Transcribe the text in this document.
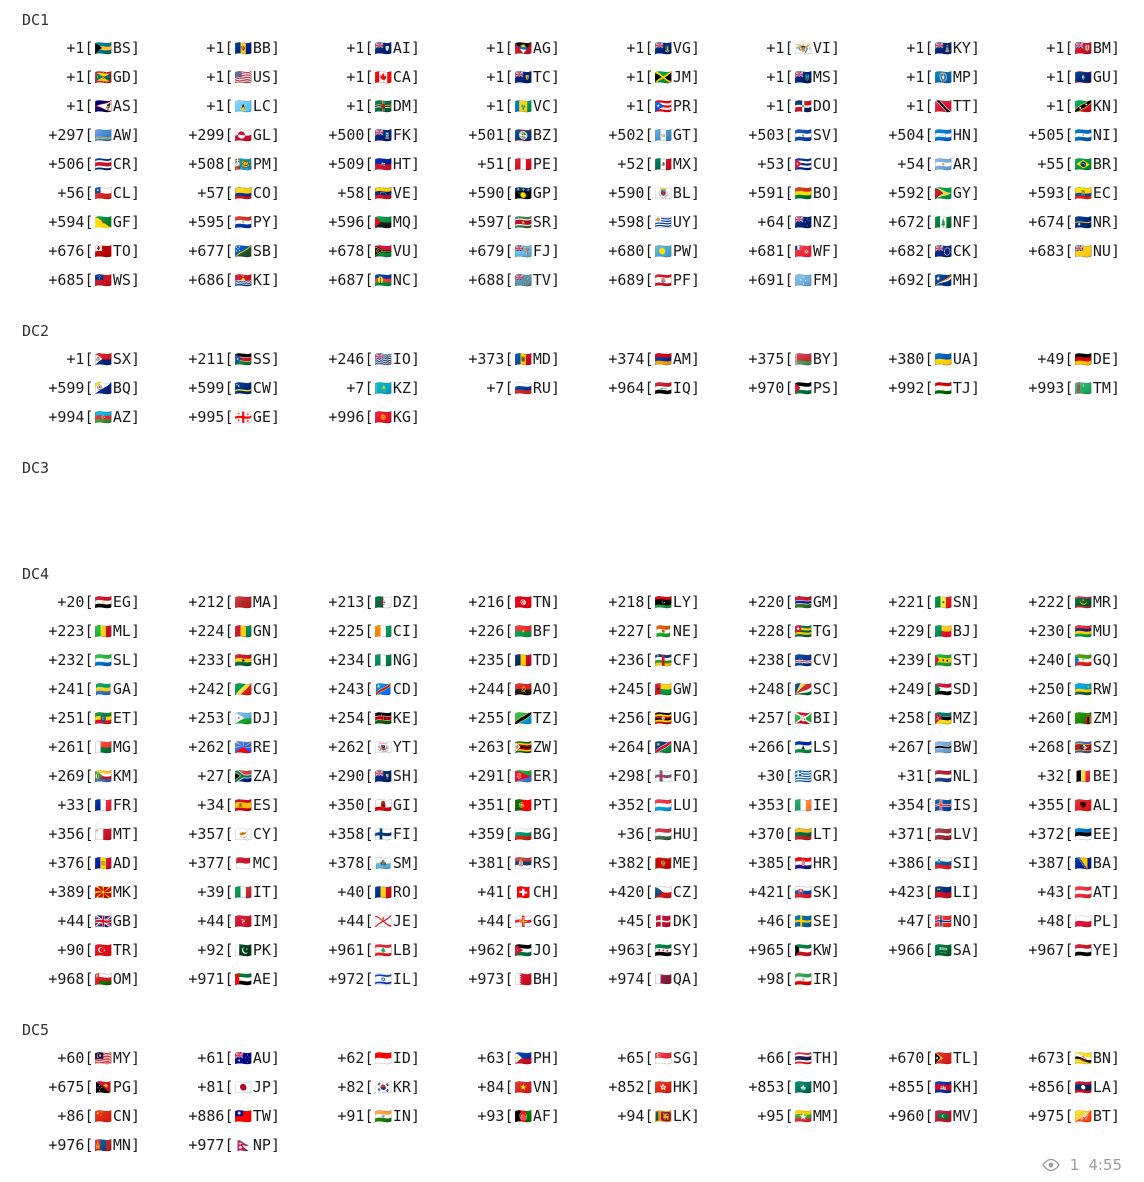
DC1
+1[🇧🇸BS]	+1[🇧🇧BB]	+1[🇦🇮AI]	+1[🇦🇬AG]	+1[🇻🇬VG]	+1[🇻🇮VI]	+1[🇰🇾KY]	+1[🇧🇲BM]
+1[🇬🇩GD]	+1[🇺🇸US]	+1[🇨🇦CA]	+1[🇹🇨TC]	+1[🇯🇲JM]	+1[🇲🇸MS]	+1[🇲🇵MP]	+1[🇬🇺GU]
+1[🇦🇸AS]	+1[🇱🇨LC]	+1[🇩🇲DM]	+1[🇻🇨VC]	+1[🇵🇷PR]	+1[🇩🇴DO]	+1[🇹🇹TT]	+1[🇰🇳KN]
+297[🇦🇼AW]	+299[🇬🇱GL]	+500[🇫🇰FK]	+501[🇧🇿BZ]	+502[🇬🇹GT]	+503[🇸🇻SV]	+504[🇭🇳HN]	+505[🇳🇮NI]
+506[🇨🇷CR]	+508[🇵🇲PM]	+509[🇭🇹HT]	+51[🇵🇪PE]	+52[🇲🇽MX]	+53[🇨🇺CU]	+54[🇦🇷AR]	+55[🇧🇷BR]
+56[🇨🇱CL]	+57[🇨🇴CO]	+58[🇻🇪VE]	+590[🇬🇵GP]	+590[🇧🇱BL]	+591[🇧🇴BO]	+592[🇬🇾GY]	+593[🇪🇨EC]
+594[🇬🇫GF]	+595[🇵🇾PY]	+596[🇲🇶MQ]	+597[🇸🇷SR]	+598[🇺🇾UY]	+64[🇳🇿NZ]	+672[🇳🇫NF]	+674[🇳🇷NR]
+676[🇹🇴TO]	+677[🇸🇧SB]	+678[🇻🇺VU]	+679[🇫🇯FJ]	+680[🇵🇼PW]	+681[🇼🇫WF]	+682[🇨🇰CK]	+683[🇳🇺NU]
+685[🇼🇸WS]	+686[🇰🇮KI]	+687[🇳🇨NC]	+688[🇹🇻TV]	+689[🇵🇫PF]	+691[🇫🇲FM]	+692[🇲🇭MH]
DC2
+1[🇸🇽SX]	+211[🇸🇸SS]	+246[🇮🇴IO]	+373[🇲🇩MD]	+374[🇦🇲AM]	+375[🇧🇾BY]	+380[🇺🇦UA]	+49[🇩🇪DE]
+599[🇧🇶BQ]	+599[🇨🇼CW]	+7[🇰🇿KZ]	+7[🇷🇺RU]	+964[🇮🇶IQ]	+970[🇵🇸PS]	+992[🇹🇯TJ]	+993[🇹🇲TM]
+994[🇦🇿AZ]	+995[🇬🇪GE]	+996[🇰🇬KG]
DC3
DC4
+20[🇪🇬EG]	+212[🇲🇦MA]	+213[🇩🇿DZ]	+216[🇹🇳TN]	+218[🇱🇾LY]	+220[🇬🇲GM]	+221[🇸🇳SN]	+222[🇲🇷MR]
+223[🇲🇱ML]	+224[🇬🇳GN]	+225[🇨🇮CI]	+226[🇧🇫BF]	+227[🇳🇪NE]	+228[🇹🇬TG]	+229[🇧🇯BJ]	+230[🇲🇺MU]
+232[🇸🇱SL]	+233[🇬🇭GH]	+234[🇳🇬NG]	+235[🇹🇩TD]	+236[🇨🇫CF]	+238[🇨🇻CV]	+239[🇸🇹ST]	+240[🇬🇶GQ]
+241[🇬🇦GA]	+242[🇨🇬CG]	+243[🇨🇩CD]	+244[🇦🇴AO]	+245[🇬🇼GW]	+248[🇸🇨SC]	+249[🇸🇩SD]	+250[🇷🇼RW]
+251[🇪🇹ET]	+253[🇩🇯DJ]	+254[🇰🇪KE]	+255[🇹🇿TZ]	+256[🇺🇬UG]	+257[🇧🇮BI]	+258[🇲🇿MZ]	+260[🇿🇲ZM]
+261[🇲🇬MG]	+262[🇷🇪RE]	+262[🇾🇹YT]	+263[🇿🇼ZW]	+264[🇳🇦NA]	+266[🇱🇸LS]	+267[🇧🇼BW]	+268[🇸🇿SZ]
+269[🇰🇲KM]	+27[🇿🇦ZA]	+290[🇸🇭SH]	+291[🇪🇷ER]	+298[🇫🇴FO]	+30[🇬🇷GR]	+31[🇳🇱NL]	+32[🇧🇪BE]
+33[🇫🇷FR]	+34[🇪🇸ES]	+350[🇬🇮GI]	+351[🇵🇹PT]	+352[🇱🇺LU]	+353[🇮🇪IE]	+354[🇮🇸IS]	+355[🇦🇱AL]
+356[🇲🇹MT]	+357[🇨🇾CY]	+358[🇫🇮FI]	+359[🇧🇬BG]	+36[🇭🇺HU]	+370[🇱🇹LT]	+371[🇱🇻LV]	+372[🇪🇪EE]
+376[🇦🇩AD]	+377[🇲🇨MC]	+378[🇸🇲SM]	+381[🇷🇸RS]	+382[🇲🇪ME]	+385[🇭🇷HR]	+386[🇸🇮SI]	+387[🇧🇦BA]
+389[🇲🇰MK]	+39[🇮🇹IT]	+40[🇷🇴RO]	+41[🇨🇭CH]	+420[🇨🇿CZ]	+421[🇸🇰SK]	+423[🇱🇮LI]	+43[🇦🇹AT]
+44[🇬🇧GB]	+44[🇮🇲IM]	+44[🇯🇪JE]	+44[🇬🇬GG]	+45[🇩🇰DK]	+46[🇸🇪SE]	+47[🇳🇴NO]	+48[🇵🇱PL]
+90[🇹🇷TR]	+92[🇵🇰PK]	+961[🇱🇧LB]	+962[🇯🇴JO]	+963[🇸🇾SY]	+965[🇰🇼KW]	+966[🇸🇦SA]	+967[🇾🇪YE]
+968[🇴🇲OM]	+971[🇦🇪AE]	+972[🇮🇱IL]	+973[🇧🇭BH]	+974[🇶🇦QA]	+98[🇮🇷IR]
DC5
+60[🇲🇾MY]	+61[🇦🇺AU]	+62[🇮🇩ID]	+63[🇵🇭PH]	+65[🇸🇬SG]	+66[🇹🇭TH]	+670[🇹🇱TL]	+673[🇧🇳BN]
+675[🇵🇬PG]	+81[🇯🇵JP]	+82[🇰🇷KR]	+84[🇻🇳VN]	+852[🇭🇰HK]	+853[🇲🇴MO]	+855[🇰🇭KH]	+856[🇱🇦LA]
+86[🇨🇳CN]	+886[🇹🇼TW]	+91[🇮🇳IN]	+93[🇦🇫AF]	+94[🇱🇰LK]	+95[🇲🇲MM]	+960[🇲🇻MV]	+975[🇧🇹BT]
+976[🇲🇳MN]	+977[🇳🇵NP]
1 4:55
